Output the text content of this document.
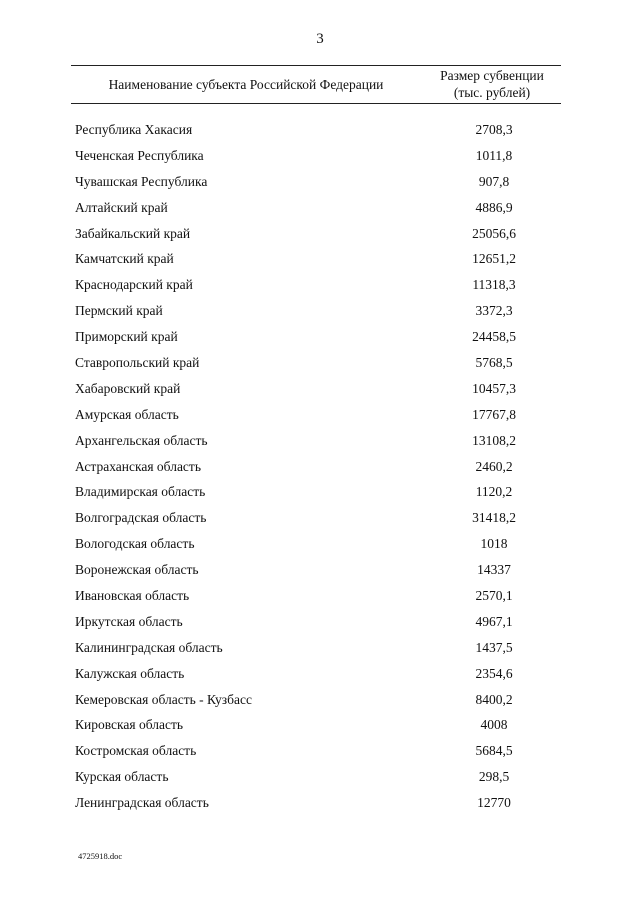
3
Наименование субъекта Российской Федерации
Размер субвенции
(тыс. рублей)
Республика Хакасия	2708,3
Чеченская Республика	1011,8
Чувашская Республика	907,8
Алтайский край	4886,9
Забайкальский край	25056,6
Камчатский край	12651,2
Краснодарский край	11318,3
Пермский край	3372,3
Приморский край	24458,5
Ставропольский край	5768,5
Хабаровский край	10457,3
Амурская область	17767,8
Архангельская область	13108,2
Астраханская область	2460,2
Владимирская область	1120,2
Волгоградская область	31418,2
Вологодская область	1018
Воронежская область	14337
Ивановская область	2570,1
Иркутская область	4967,1
Калининградская область	1437,5
Калужская область	2354,6
Кемеровская область - Кузбасс	8400,2
Кировская область	4008
Костромская область	5684,5
Курская область	298,5
Ленинградская область	12770
4725918.doc
